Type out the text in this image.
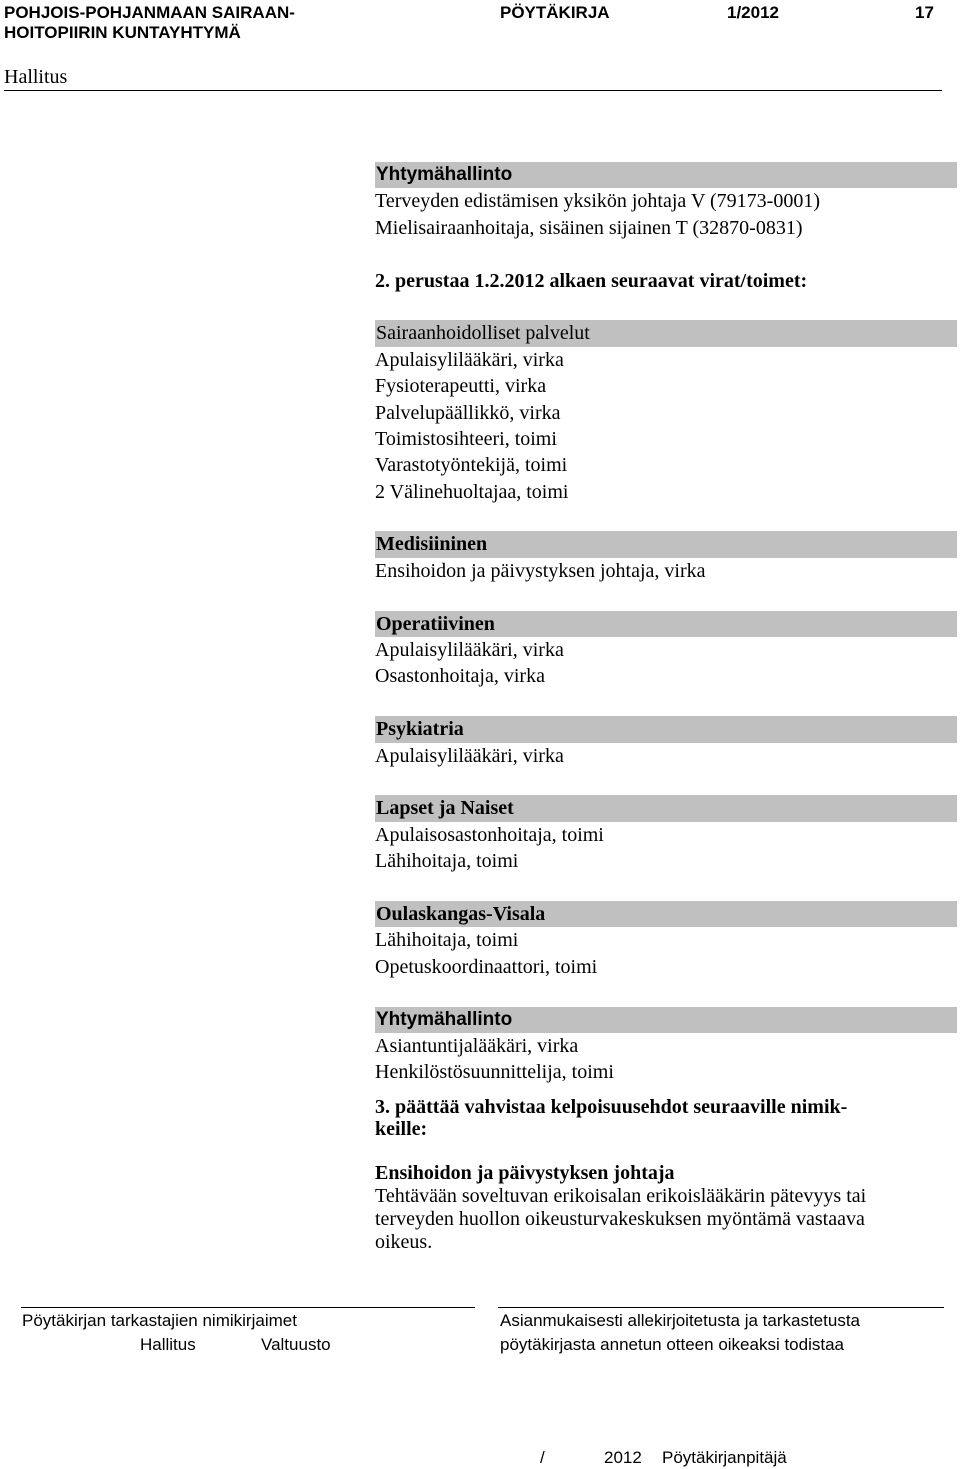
POHJOIS-POHJANMAAN SAIRAAN-
HOITOPIIRIN KUNTAYHTYMÄ
PÖYTÄKIRJA	1/2012	17
Hallitus
Yhtymähallinto
Terveyden edistämisen yksikön johtaja V (79173-0001)
Mielisairaanhoitaja, sisäinen sijainen T (32870-0831)
2. perustaa 1.2.2012 alkaen seuraavat virat/toimet:
Sairaanhoidolliset palvelut
Apulaisylilääkäri, virka
Fysioterapeutti, virka
Palvelupäällikkö, virka
Toimistosihteeri, toimi
Varastotyöntekijä, toimi
2 Välinehuoltajaa, toimi
Medisiininen
Ensihoidon ja päivystyksen johtaja, virka
Operatiivinen
Apulaisylilääkäri, virka
Osastonhoitaja, virka
Psykiatria
Apulaisylilääkäri, virka
Lapset ja Naiset
Apulaisosastonhoitaja, toimi
Lähihoitaja, toimi
Oulaskangas-Visala
Lähihoitaja, toimi
Opetuskoordinaattori, toimi
Yhtymähallinto
Asiantuntijalääkäri, virka
Henkilöstösuunnittelija, toimi
3. päättää vahvistaa kelpoisuusehdot seuraaville nimik-
keille:
Ensihoidon ja päivystyksen johtaja
Tehtävään soveltuvan erikoisalan erikoislääkärin pätevyys tai
terveyden huollon oikeusturvakeskuksen myöntämä vastaava
oikeus.
Pöytäkirjan tarkastajien nimikirjaimet
Hallitus	Valtuusto
Asianmukaisesti allekirjoitetusta ja tarkastetusta
pöytäkirjasta annetun otteen oikeaksi todistaa
/	2012 Pöytäkirjanpitäjä
